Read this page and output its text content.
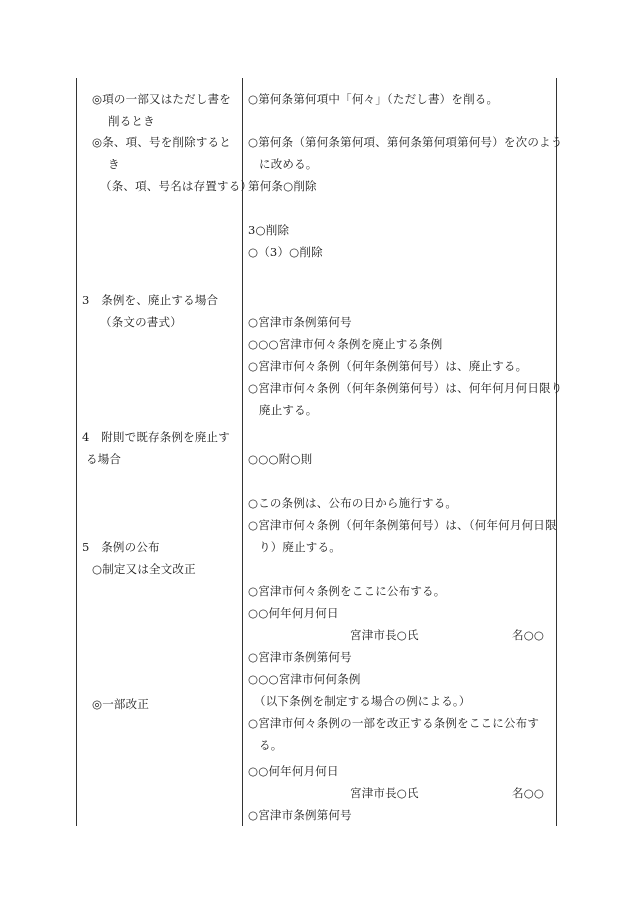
◎項の一部又はただし書を
削るとき
◎条、項、号を削除すると
き
（条、項、号名は存置する）
3　条例を、廃止する場合
（条文の書式）
4　附則で既存条例を廃止す
る場合
5　条例の公布
○制定又は全文改正
◎一部改正
○第何条第何項中「何々」（ただし書）を削る。
○第何条（第何条第何項、第何条第何項第何号）を次のよう
に改める。
第何条○削除
3○削除
○（3）○削除
○宮津市条例第何号
○○○宮津市何々条例を廃止する条例
○宮津市何々条例（何年条例第何号）は、廃止する。
○宮津市何々条例（何年条例第何号）は、何年何月何日限り
廃止する。
○○○附○則
○この条例は、公布の日から施行する。
○宮津市何々条例（何年条例第何号）は、（何年何月何日限
り）廃止する。
○宮津市何々条例をここに公布する。
○○何年何月何日
宮津市長○氏	名○○
○宮津市条例第何号
○○○宮津市何何条例
（以下条例を制定する場合の例による。）
○宮津市何々条例の一部を改正する条例をここに公布す
る。
○○何年何月何日
宮津市長○氏	名○○
○宮津市条例第何号
